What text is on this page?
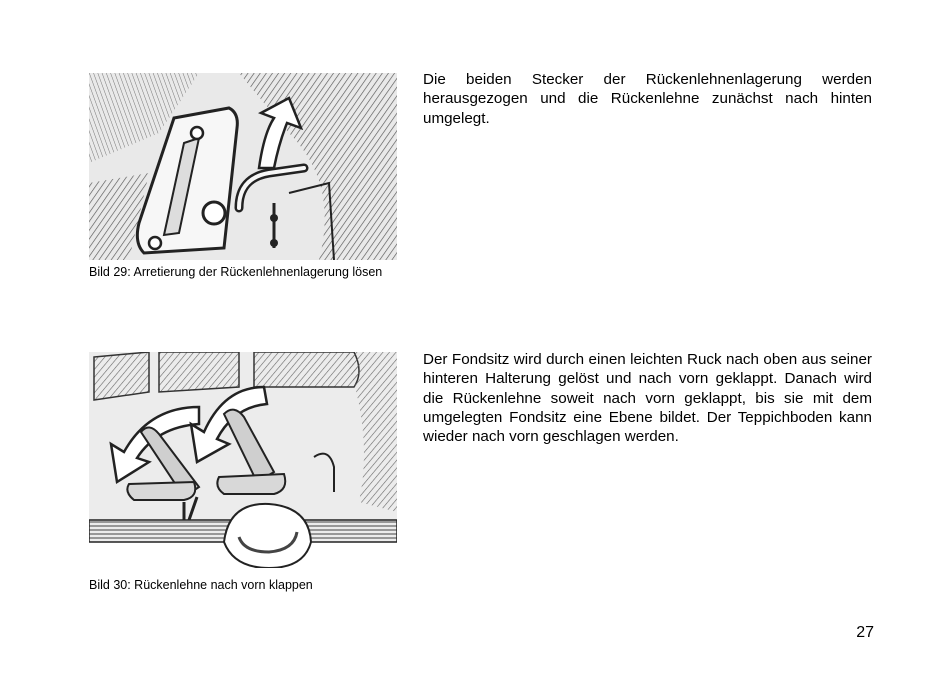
Bild 29: Arretierung der Rückenlehnenlagerung lösen

Die beiden Stecker der Rückenlehnenlagerung werden herausgezogen und die Rückenlehne zunächst nach hinten umgelegt.

Bild 30: Rückenlehne nach vorn klappen

Der Fondsitz wird durch einen leichten Ruck nach oben aus seiner hinteren Halterung gelöst und nach vorn geklappt. Danach wird die Rückenlehne soweit nach vorn geklappt, bis sie mit dem umgelegten Fondsitz eine Ebene bildet. Der Teppichboden kann wieder nach vorn geschlagen werden.

27
